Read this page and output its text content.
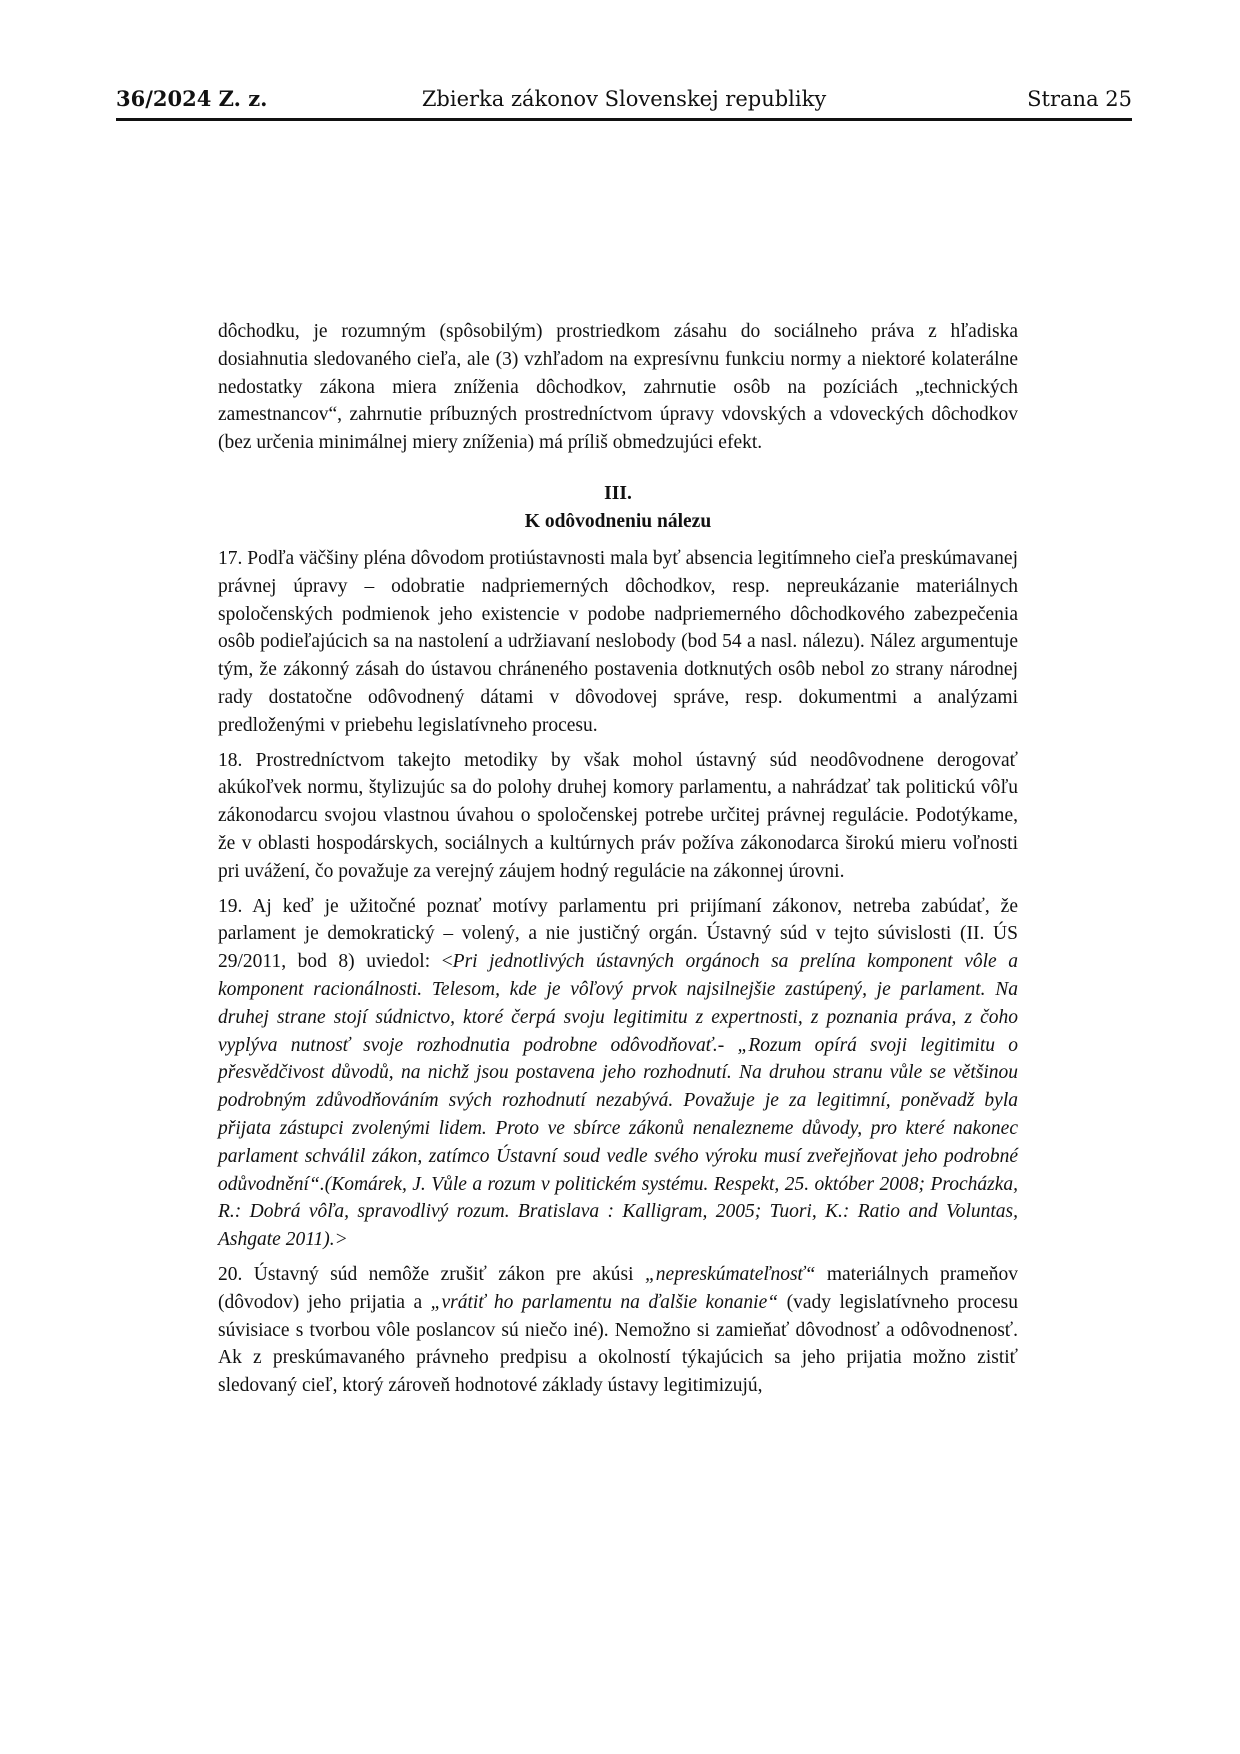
36/2024 Z. z.	Zbierka zákonov Slovenskej republiky	Strana 25

dôchodku, je rozumným (spôsobilým) prostriedkom zásahu do sociálneho práva z hľadiska dosiahnutia sledovaného cieľa, ale (3) vzhľadom na expresívnu funkciu normy a niektoré kolaterálne nedostatky zákona miera zníženia dôchodkov, zahrnutie osôb na pozíciách „technických zamestnancov“, zahrnutie príbuzných prostredníctvom úpravy vdovských a vdoveckých dôchodkov (bez určenia minimálnej miery zníženia) má príliš obmedzujúci efekt.

III.
K odôvodneniu nálezu

17. Podľa väčšiny pléna dôvodom protiústavnosti mala byť absencia legitímneho cieľa preskúmavanej právnej úpravy – odobratie nadpriemerných dôchodkov, resp. nepreukázanie materiálnych spoločenských podmienok jeho existencie v podobe nadpriemerného dôchodkového zabezpečenia osôb podieľajúcich sa na nastolení a udržiavaní neslobody (bod 54 a nasl. nálezu). Nález argumentuje tým, že zákonný zásah do ústavou chráneného postavenia dotknutých osôb nebol zo strany národnej rady dostatočne odôvodnený dátami v dôvodovej správe, resp. dokumentmi a analýzami predloženými v priebehu legislatívneho procesu.

18. Prostredníctvom takejto metodiky by však mohol ústavný súd neodôvodnene derogovať akúkoľvek normu, štylizujúc sa do polohy druhej komory parlamentu, a nahrádzať tak politickú vôľu zákonodarcu svojou vlastnou úvahou o spoločenskej potrebe určitej právnej regulácie. Podotýkame, že v oblasti hospodárskych, sociálnych a kultúrnych práv požíva zákonodarca širokú mieru voľnosti pri uvážení, čo považuje za verejný záujem hodný regulácie na zákonnej úrovni.

19. Aj keď je užitočné poznať motívy parlamentu pri prijímaní zákonov, netreba zabúdať, že parlament je demokratický – volený, a nie justičný orgán. Ústavný súd v tejto súvislosti (II. ÚS 29/2011, bod 8) uviedol: <Pri jednotlivých ústavných orgánoch sa prelína komponent vôle a komponent racionálnosti. Telesom, kde je vôľový prvok najsilnejšie zastúpený, je parlament. Na druhej strane stojí súdnictvo, ktoré čerpá svoju legitimitu z expertnosti, z poznania práva, z čoho vyplýva nutnosť svoje rozhodnutia podrobne odôvodňovať.- „Rozum opírá svoji legitimitu o přesvědčivost důvodů, na nichž jsou postavena jeho rozhodnutí. Na druhou stranu vůle se většinou podrobným zdůvodňováním svých rozhodnutí nezabývá. Považuje je za legitimní, poněvadž byla přijata zástupci zvolenými lidem. Proto ve sbírce zákonů nenalezneme důvody, pro které nakonec parlament schválil zákon, zatímco Ústavní soud vedle svého výroku musí zveřejňovat jeho podrobné odůvodnění“.(Komárek, J. Vůle a rozum v politickém systému. Respekt, 25. október 2008; Procházka, R.: Dobrá vôľa, spravodlivý rozum. Bratislava : Kalligram, 2005; Tuori, K.: Ratio and Voluntas, Ashgate 2011).>

20. Ústavný súd nemôže zrušiť zákon pre akúsi „nepreskúmateľnosť“ materiálnych prameňov (dôvodov) jeho prijatia a „vrátiť ho parlamentu na ďalšie konanie“ (vady legislatívneho procesu súvisiace s tvorbou vôle poslancov sú niečo iné). Nemožno si zamieňať dôvodnosť a odôvodnenosť. Ak z preskúmavaného právneho predpisu a okolností týkajúcich sa jeho prijatia možno zistiť sledovaný cieľ, ktorý zároveň hodnotové základy ústavy legitimizujú,
